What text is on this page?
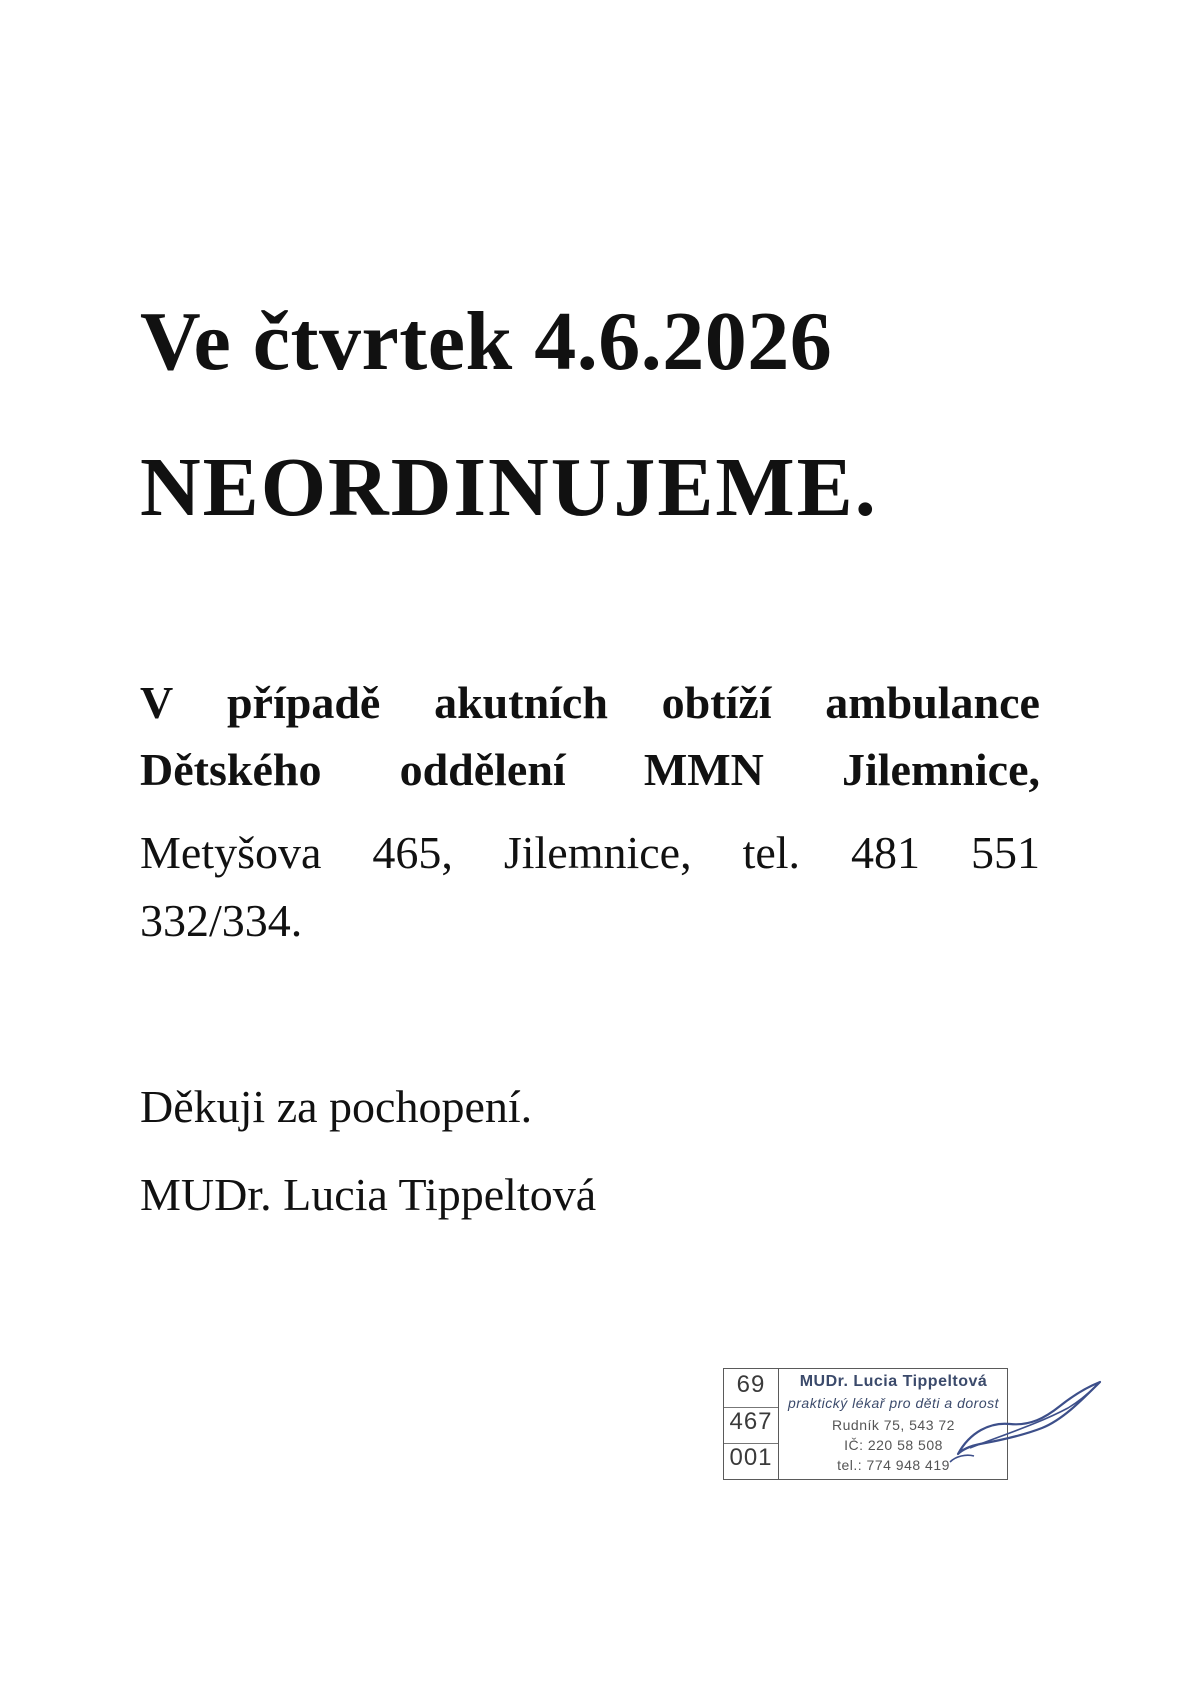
Ve čtvrtek 4.6.2026
NEORDINUJEME.
V případě akutních obtíží ambulance
Dětského oddělení MMN Jilemnice,
Metyšova 465, Jilemnice, tel. 481 551
332/334.
Děkuji za pochopení.
MUDr. Lucia Tippeltová
69
467
001
MUDr. Lucia Tippeltová
praktický lékař pro děti a dorost
Rudník 75, 543 72
IČ: 220 58 508
tel.: 774 948 419
